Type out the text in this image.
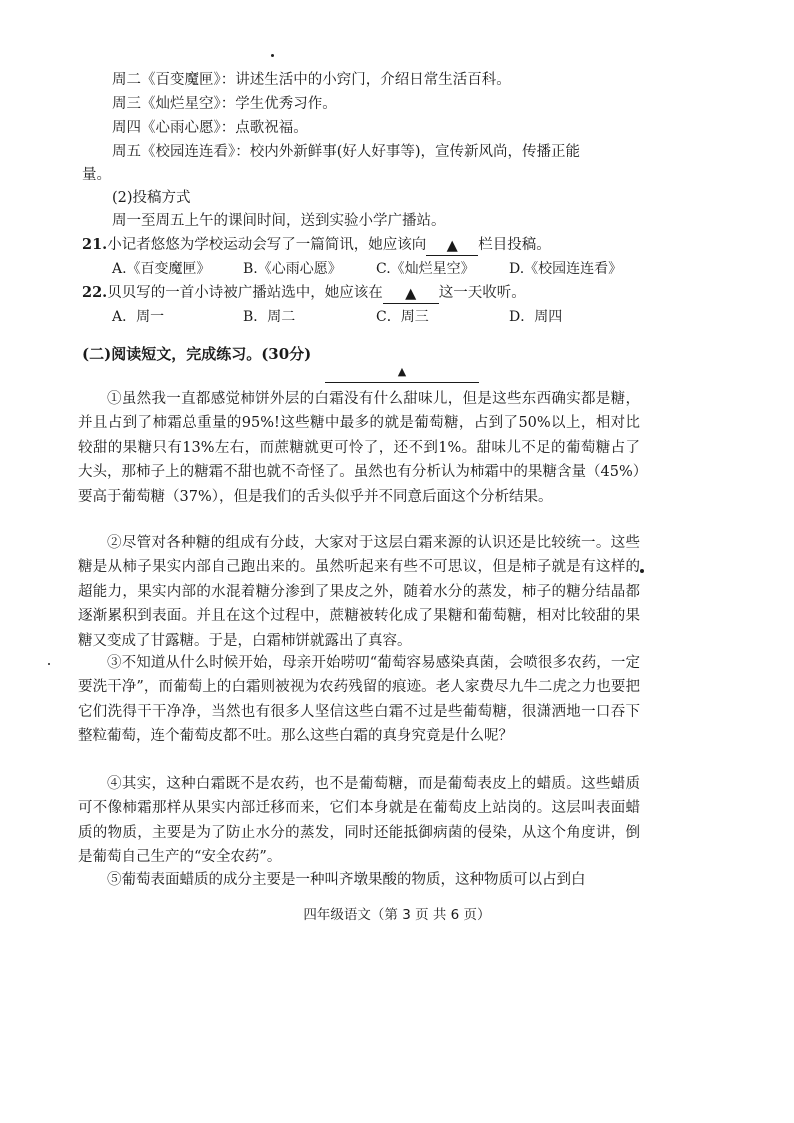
周二《百变魔匣》：讲述生活中的小窍门，介绍日常生活百科。
周三《灿烂星空》：学生优秀习作。
周四《心雨心愿》：点歌祝福。
周五《校园连连看》：校内外新鲜事(好人好事等)，宣传新风尚，传播正能
量。
(2)投稿方式
周一至周五上午的课间时间，送到实验小学广播站。
21.小记者悠悠为学校运动会写了一篇简讯，她应该向 ▲ 栏目投稿。
A.《百变魔匣》 B.《心雨心愿》 C.《灿烂星空》 D.《校园连连看》
22.贝贝写的一首小诗被广播站选中，她应该在 ▲ 这一天收听。
A．周一	B．周二	C．周三	D．周四
(二)阅读短文，完成练习。(30分)
▲
①虽然我一直都感觉柿饼外层的白霜没有什么甜味儿，但是这些东西确实都是糖，并且占到了柿霜总重量的95%!这些糖中最多的就是葡萄糖，占到了50%以上，相对比较甜的果糖只有13%左右，而蔗糖就更可怜了，还不到1%。甜味儿不足的葡萄糖占了大头，那柿子上的糖霜不甜也就不奇怪了。虽然也有分析认为柿霜中的果糖含量（45%）要高于葡萄糖（37%），但是我们的舌头似乎并不同意后面这个分析结果。
②尽管对各种糖的组成有分歧，大家对于这层白霜来源的认识还是比较统一。这些糖是从柿子果实内部自己跑出来的。虽然听起来有些不可思议，但是柿子就是有这样的超能力，果实内部的水混着糖分渗到了果皮之外，随着水分的蒸发，柿子的糖分结晶都逐渐累积到表面。并且在这个过程中，蔗糖被转化成了果糖和葡萄糖，相对比较甜的果糖又变成了甘露糖。于是，白霜柿饼就露出了真容。
③不知道从什么时候开始，母亲开始唠叨“葡萄容易感染真菌，会喷很多农药，一定要洗干净”，而葡萄上的白霜则被视为农药残留的痕迹。老人家费尽九牛二虎之力也要把它们洗得干干净净，当然也有很多人坚信这些白霜不过是些葡萄糖，很潇洒地一口吞下整粒葡萄，连个葡萄皮都不吐。那么这些白霜的真身究竟是什么呢？
④其实，这种白霜既不是农药，也不是葡萄糖，而是葡萄表皮上的蜡质。这些蜡质可不像柿霜那样从果实内部迁移而来，它们本身就是在葡萄皮上站岗的。这层叫表面蜡质的物质，主要是为了防止水分的蒸发，同时还能抵御病菌的侵染，从这个角度讲，倒是葡萄自己生产的“安全农药”。
⑤葡萄表面蜡质的成分主要是一种叫齐墩果酸的物质，这种物质可以占到白
四年级语文（第 3 页 共 6 页）
